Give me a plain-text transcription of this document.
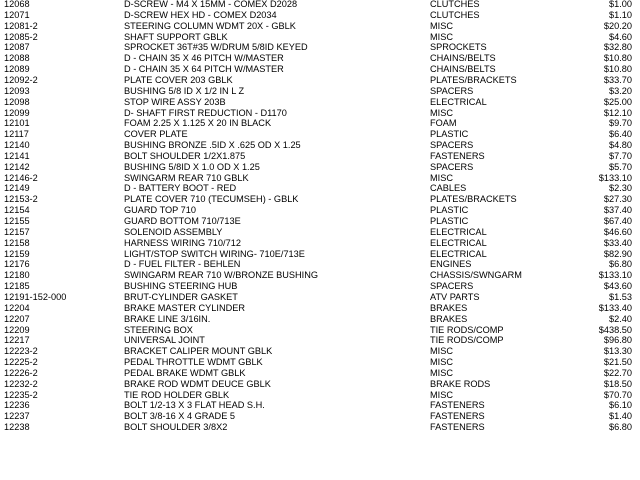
12068	D-SCREW - M4 X 15MM - COMEX D2028	CLUTCHES	$1.00
12071	D-SCREW HEX HD - COMEX D2034	CLUTCHES	$1.10
12081-2	STEERING COLUMN WDMT 20X - GBLK	MISC	$20.20
12085-2	SHAFT SUPPORT GBLK	MISC	$4.60
12087	SPROCKET 36T#35 W/DRUM 5/8ID KEYED	SPROCKETS	$32.80
12088	D - CHAIN 35 X 46 PITCH W/MASTER	CHAINS/BELTS	$10.80
12089	D - CHAIN 35 X 64 PITCH W/MASTER	CHAINS/BELTS	$10.80
12092-2	PLATE COVER 203 GBLK	PLATES/BRACKETS	$33.70
12093	BUSHING 5/8 ID X 1/2 IN L Z	SPACERS	$3.20
12098	STOP WIRE ASSY 203B	ELECTRICAL	$25.00
12099	D- SHAFT FIRST REDUCTION - D1170	MISC	$12.10
12101	FOAM 2.25 X 1.125 X 20 IN BLACK	FOAM	$9.70
12117	COVER PLATE	PLASTIC	$6.40
12140	BUSHING BRONZE .5ID X .625 OD X 1.25	SPACERS	$4.80
12141	BOLT SHOULDER 1/2X1.875	FASTENERS	$7.70
12142	BUSHING 5/8ID X 1.0 OD X 1.25	SPACERS	$5.70
12146-2	SWINGARM REAR 710 GBLK	MISC	$133.10
12149	D - BATTERY BOOT - RED	CABLES	$2.30
12153-2	PLATE COVER 710 (TECUMSEH) - GBLK	PLATES/BRACKETS	$27.30
12154	GUARD TOP 710	PLASTIC	$37.40
12155	GUARD BOTTOM 710/713E	PLASTIC	$67.40
12157	SOLENOID ASSEMBLY	ELECTRICAL	$46.60
12158	HARNESS WIRING 710/712	ELECTRICAL	$33.40
12159	LIGHT/STOP SWITCH WIRING- 710E/713E	ELECTRICAL	$82.90
12176	D - FUEL FILTER - BEHLEN	ENGINES	$6.80
12180	SWINGARM REAR 710 W/BRONZE BUSHING	CHASSIS/SWNGARM	$133.10
12185	BUSHING STEERING HUB	SPACERS	$43.60
12191-152-000	BRUT-CYLINDER GASKET	ATV PARTS	$1.53
12204	BRAKE MASTER CYLINDER	BRAKES	$133.40
12207	BRAKE LINE 3/16IN.	BRAKES	$2.40
12209	STEERING BOX	TIE RODS/COMP	$438.50
12217	UNIVERSAL JOINT	TIE RODS/COMP	$96.80
12223-2	BRACKET CALIPER MOUNT GBLK	MISC	$13.30
12225-2	PEDAL THROTTLE WDMT GBLK	MISC	$21.50
12226-2	PEDAL BRAKE WDMT GBLK	MISC	$22.70
12232-2	BRAKE ROD WDMT DEUCE GBLK	BRAKE RODS	$18.50
12235-2	TIE ROD HOLDER GBLK	MISC	$70.70
12236	BOLT 1/2-13 X 3 FLAT HEAD S.H.	FASTENERS	$6.10
12237	BOLT 3/8-16 X 4 GRADE 5	FASTENERS	$1.40
12238	BOLT SHOULDER 3/8X2	FASTENERS	$6.80
